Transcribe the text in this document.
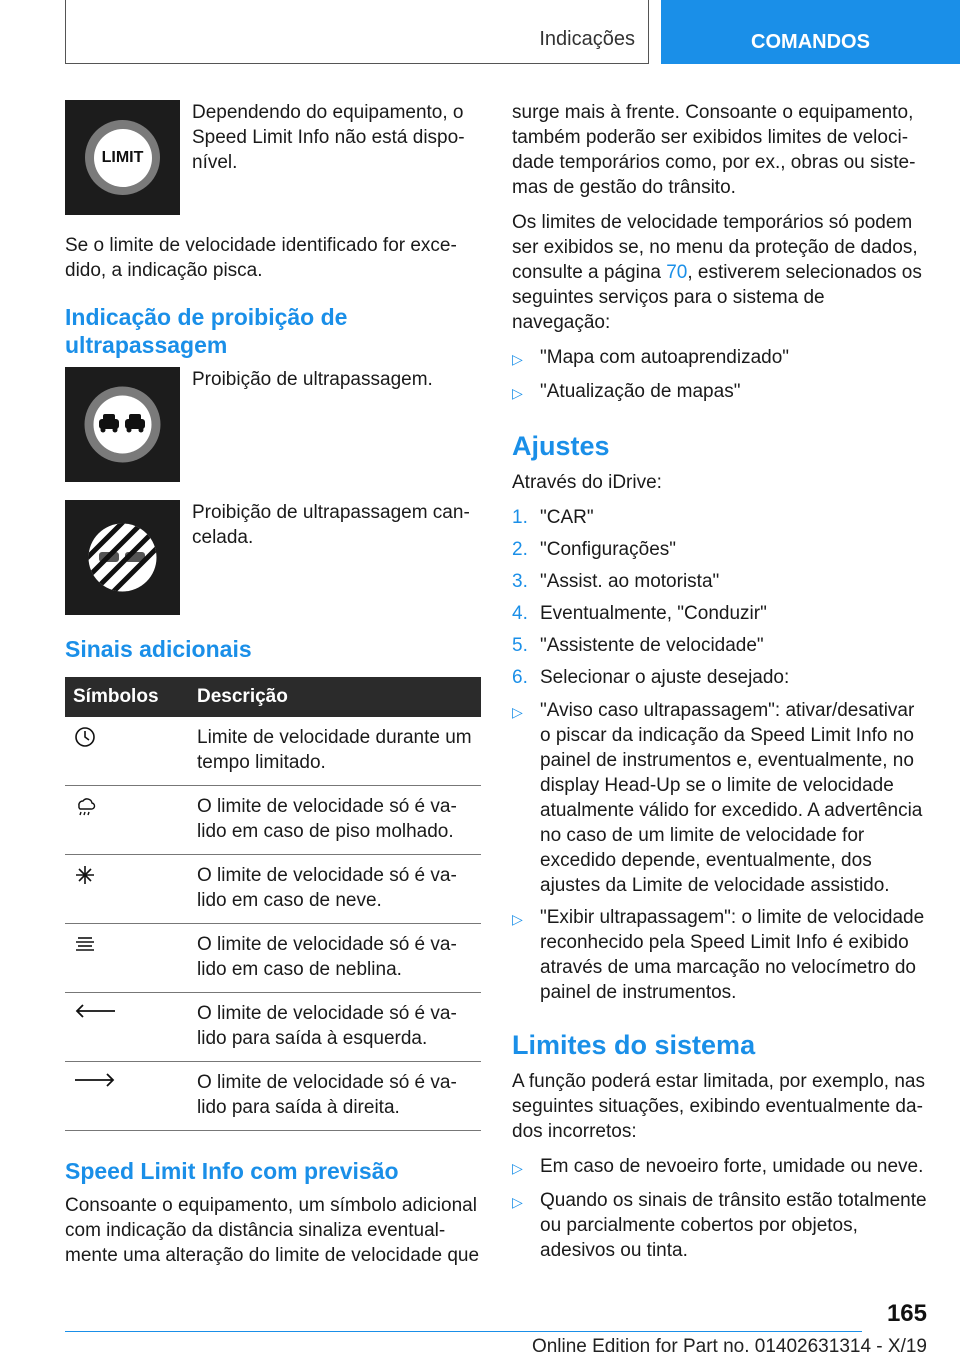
Indicações	COMANDOS
LIMIT
Dependendo do equipamento, o Speed Limit Info não está disponível.

Se o limite de velocidade identificado for excedido, a indicação pisca.

Indicação de proibição de ultrapassagem
Proibição de ultrapassagem.
Proibição de ultrapassagem cancelada.
Sinais adicionais
Símbolos	Descrição
	Limite de velocidade durante um tempo limitado.
	O limite de velocidade só é valido em caso de piso molhado.
	O limite de velocidade só é valido em caso de neve.
	O limite de velocidade só é valido em caso de neblina.
	O limite de velocidade só é valido para saída à esquerda.
	O limite de velocidade só é valido para saída à direita.
Speed Limit Info com previsão

Consoante o equipamento, um símbolo adicional com indicação da distância sinaliza eventualmente uma alteração do limite de velocidade que

surge mais à frente. Consoante o equipamento, também poderão ser exibidos limites de velocidade temporários como, por ex., obras ou sistemas de gestão do trânsito.

Os limites de velocidade temporários só podem ser exibidos se, no menu da proteção de dados, consulte a página 70, estiverem selecionados os seguintes serviços para o sistema de navegação:

▷ "Mapa com autoaprendizado"
▷ "Atualização de mapas"
Ajustes

Através do iDrive:

1. "CAR"
2. "Configurações"
3. "Assist. ao motorista"
4. Eventualmente, "Conduzir"
5. "Assistente de velocidade"
6. Selecionar o ajuste desejado:
▷ "Aviso caso ultrapassagem": ativar/desativar o piscar da indicação da Speed Limit Info no painel de instrumentos e, eventualmente, no display Head-Up se o limite de velocidade atualmente válido for excedido. A advertência no caso de um limite de velocidade for excedido depende, eventualmente, dos ajustes da Limite de velocidade assistido.
▷ "Exibir ultrapassagem": o limite de velocidade reconhecido pela Speed Limit Info é exibido através de uma marcação no velocímetro do painel de instrumentos.
Limites do sistema

A função poderá estar limitada, por exemplo, nas seguintes situações, exibindo eventualmente dados incorretos:

▷ Em caso de nevoeiro forte, umidade ou neve.
▷ Quando os sinais de trânsito estão totalmente ou parcialmente cobertos por objetos, adesivos ou tinta.
165
Online Edition for Part no. 01402631314 - X/19
